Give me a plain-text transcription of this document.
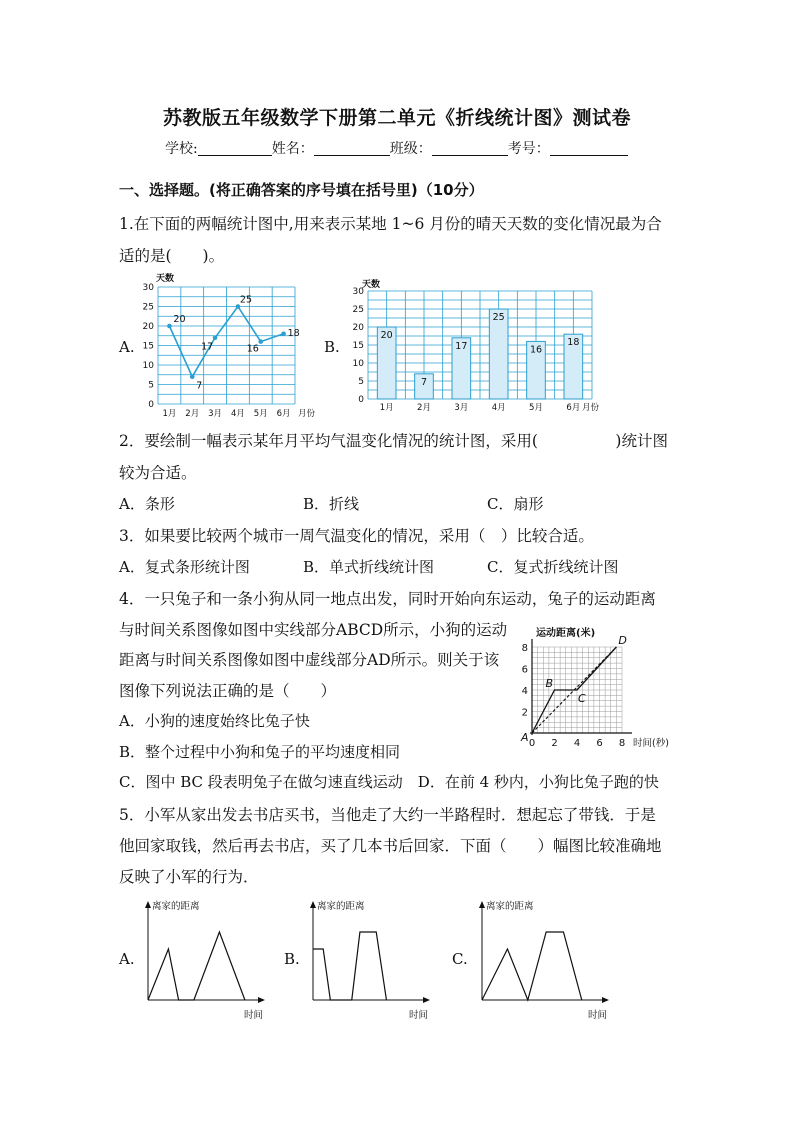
苏教版五年级数学下册第二单元《折线统计图》测试卷
学校:	姓名：	班级：	考号：
一、选择题。(将正确答案的序号填在括号里)（10分）
1.在下面的两幅统计图中,用来表示某地 1~6 月份的晴天天数的变化情况最为合
适的是(　　)。
A.	B.
0
5
10
15
20
25
30
天数
1月 2月 3月 4月 5月 6月 月份
20
7
17
25
16
18
0
5
10
15
20
25
30
天数
20
1月
7
2月
17
3月
25
4月
16
5月
18
6月 月份
2．要绘制一幅表示某年月平均气温变化情况的统计图，采用(　　　　　)统计图
较为合适。
A．条形	B．折线	C．扇形
3．如果要比较两个城市一周气温变化的情况，采用（　）比较合适。
A．复式条形统计图	B．单式折线统计图	C．复式折线统计图
4．一只兔子和一条小狗从同一地点出发，同时开始向东运动，兔子的运动距离
与时间关系图像如图中实线部分ABCD所示，小狗的运动
距离与时间关系图像如图中虚线部分AD所示。则关于该
图像下列说法正确的是（　　）
A．小狗的速度始终比兔子快
B．整个过程中小狗和兔子的平均速度相同
C．图中 BC 段表明兔子在做匀速直线运动　D．在前 4 秒内，小狗比兔子跑的快
运动距离(米)
时间(秒)
2
4
6
8
0 2 4 6 8
A
B
C
D
5．小军从家出发去书店买书，当他走了大约一半路程时．想起忘了带钱．于是
他回家取钱，然后再去书店，买了几本书后回家．下面（　　）幅图比较准确地
反映了小军的行为．
A.	B.	C.
离家的距离
时间
离家的距离
时间
离家的距离
时间
